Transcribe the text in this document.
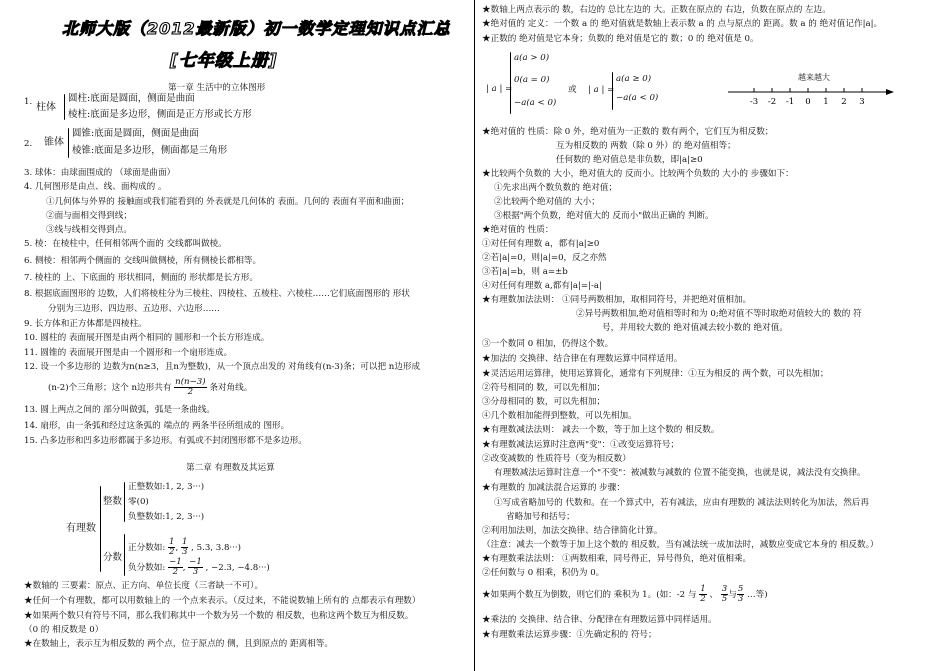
北师大版（2012最新版）初一数学定理知识点汇总
[七年级上册]
第一章 生活中的立体图形
1. 柱体
圆柱:底面是圆面，侧面是曲面
棱柱:底面是多边形，侧面是正方形或长方形
2. 锥体
圆锥:底面是圆面，侧面是曲面
棱锥:底面是多边形，侧面都是三角形
3. 球体：由球面围成的 （球面是曲面）
4. 几何图形是由点、线、面构成的 。
①几何体与外界的 接触面或我们能看到的 外表就是几何体的 表面。几何的 表面有平面和曲面；
②面与面相交得到线；
③线与线相交得到点。
5. 棱：在棱柱中，任何相邻两个面的 交线都叫做棱。
6. 侧棱：相邻两个侧面的 交线叫做侧棱，所有侧棱长都相等。
7. 棱柱的 上、下底面的 形状相同，侧面的 形状都是长方形。
8. 根据底面图形的 边数，人们将棱柱分为三棱柱、四棱柱、五棱柱、六棱柱……它们底面图形的 形状
分别为三边形、四边形、五边形、六边形……
9. 长方体和正方体都是四棱柱。
10. 圆柱的 表面展开图是由两个相同的 圆形和一个长方形连成。
11. 圆锥的 表面展开图是由一个圆形和一个扇形连成。
12. 设一个多边形的 边数为n(n≥3，且n为整数)，从一个顶点出发的 对角线有(n-3)条；可以把 n边形成
(n-2)个三角形；这个 n边形共有 $\frac{n(n-3)}{2}$ 条对角线。
13. 圆上两点之间的 部分叫做弧，弧是一条曲线。
14. 扇形，由一条弧和经过这条弧的 端点的 两条半径所组成的 图形。
15. 凸多边形和凹多边形都属于多边形。有弧或不封闭图形都不是多边形。
第二章 有理数及其运算
有理数
整数
正整数如:1, 2, 3···)
零(0)
负整数如:1, 2, 3···)
分数
正分数如: $\frac{1}{2}$ , $\frac{1}{3}$ , 5.3, 3.8···)
负分数如: $\frac{-1}{2}$ , $\frac{-1}{3}$ , −2.3, −4.8···)
★数轴的 三要素：原点、正方向、单位长度（三者缺一不可）。
★任何一个有理数，都可以用数轴上的 一个点来表示。（反过来，不能说数轴上所有的 点都表示有理数）
★如果两个数只有符号不同，那么我们称其中一个数为另一个数的 相反数，也称这两个数互为相反数。
（0 的 相反数是 0）
★在数轴上，表示互为相反数的 两个点，位于原点的 侧，且到原点的 距离相等。
★数轴上两点表示的 数，右边的 总比左边的 大。正数在原点的 右边，负数在原点的 左边。
★绝对值的 定义：一个数 a 的 绝对值就是数轴上表示数 a 的 点与原点的 距离。数 a 的 绝对值记作|a|。
★正数的 绝对值是它本身；负数的 绝对值是它的 数；0 的 绝对值是 0。
| a | =
a(a > 0)
0(a = 0)
−a(a < 0)
或 | a | =
a(a ≥ 0)
−a(a < 0)
越来越大
-3 -2 -1 0 1 2 3
★绝对值的 性质：除 0 外，绝对值为一正数的 数有两个，它们互为相反数；
互为相反数的 两数（除 0 外）的 绝对值相等；
任何数的 绝对值总是非负数，即|a|≥0
★比较两个负数的 大小，绝对值大的 反而小。比较两个负数的 大小的 步骤如下：
①先求出两个数负数的 绝对值；
②比较两个绝对值的 大小；
③根据"两个负数，绝对值大的 反而小"做出正确的 判断。
★绝对值的 性质：
①对任何有理数 a，都有|a|≥0
②若|a|=0，则|a|=0，反之亦然
③若|a|=b，则 a=±b
④对任何有理数 a,都有|a|=|-a|
★有理数加法法则： ①同号两数相加，取相同符号，并把绝对值相加。
②异号两数相加,绝对值相等时和为 0;绝对值不等时取绝对值较大的 数的 符
号，并用较大数的 绝对值减去较小数的 绝对值。
③一个数同 0 相加，仍得这个数。
★加法的 交换律、结合律在有理数运算中同样适用。
★灵活运用运算律，使用运算简化，通常有下列规律：①互为相反的 两个数，可以先相加；
②符号相同的 数，可以先相加；
③分母相同的 数，可以先相加；
④几个数相加能得到整数，可以先相加。
★有理数减法法则： 减去一个数，等于加上这个数的 相反数。
★有理数减法运算时注意两"变"：①改变运算符号；
②改变减数的 性质符号（变为相反数）
有理数减法运算时注意一个"不变"：被减数与减数的 位置不能变换，也就是说，减法没有交换律。
★有理数的 加减法混合运算的 步骤：
①写成省略加号的 代数和。在一个算式中，若有减法，应由有理数的 减法法则转化为加法，然后再
省略加号和括号；
②利用加法则，加法交换律、结合律简化计算。
（注意：减去一个数等于加上这个数的 相反数，当有减法统一成加法时，减数应变成它本身的 相反数。）
★有理数乘法法则： ①两数相乘，同号得正，异号得负，绝对值相乘。
②任何数与 0 相乘，积仍为 0。
★如果两个数互为倒数，则它们的 乘积为 1。(如：-2 与 $\frac{1}{2}$ 、 $\frac{3}{5}$ 与 $\frac{5}{3}$ …等)
★乘法的 交换律、结合律、分配律在有理数运算中同样适用。
★有理数乘法运算步骤：①先确定积的 符号；
